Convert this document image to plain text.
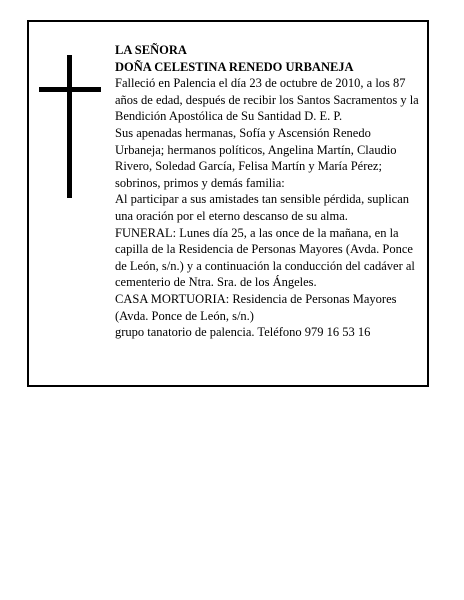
LA SEÑORA
DOÑA CELESTINA RENEDO URBANEJA

Falleció en Palencia el día 23 de octubre de 2010, a los 87 años de edad, después de recibir los Santos Sacramentos y la Bendición Apostólica de Su Santidad D. E. P.

Sus apenadas hermanas, Sofía y Ascensión Renedo Urbaneja; hermanos políticos, Angelina Martín, Claudio Rivero, Soledad García, Felisa Martín y María Pérez; sobrinos, primos y demás familia:

Al participar a sus amistades tan sensible pérdida, suplican una oración por el eterno descanso de su alma.

FUNERAL: Lunes día 25, a las once de la mañana, en la capilla de la Residencia de Personas Mayores (Avda. Ponce de León, s/n.) y a continuación la conducción del cadáver al cementerio de Ntra. Sra. de los Ángeles.

CASA MORTUORIA: Residencia de Personas Mayores (Avda. Ponce de León, s/n.)

grupo tanatorio de palencia. Teléfono 979 16 53 16
